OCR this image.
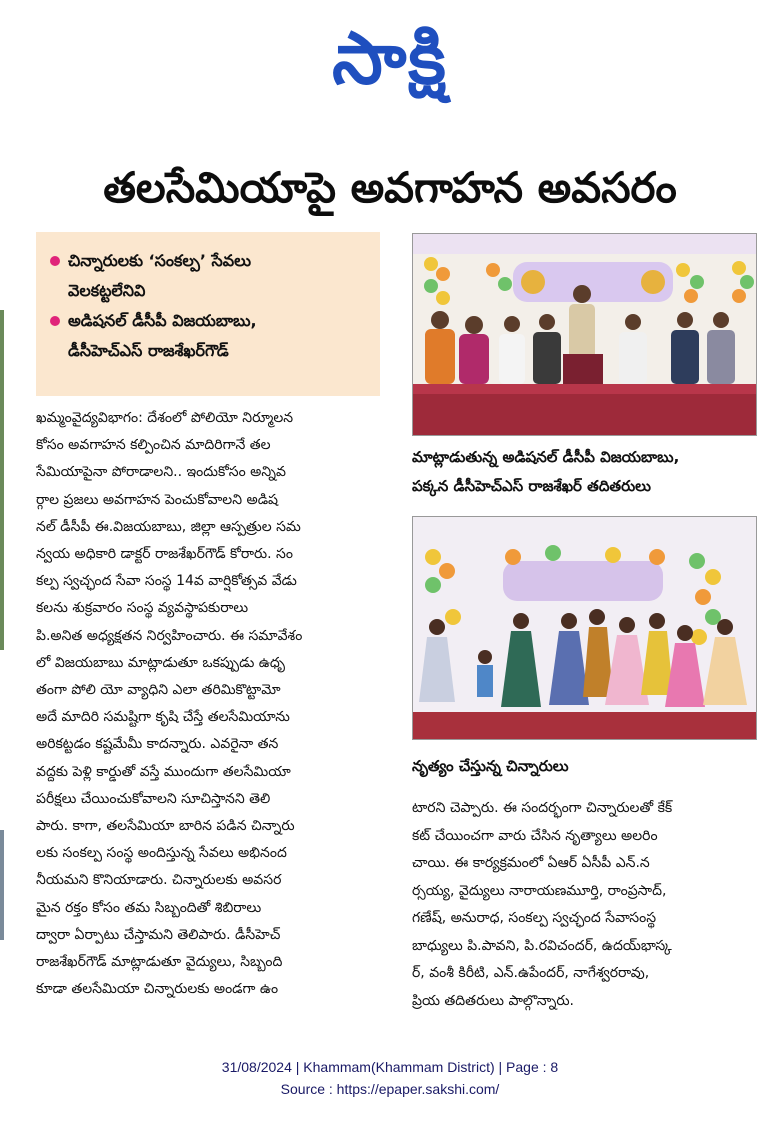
సాక్షి
తలసేమియాపై అవగాహన అవసరం
చిన్నారులకు ‘సంకల్ప’ సేవలు
వెలకట్టలేనివి
అడిషనల్ డీసీపీ విజయబాబు,
డీసీహెచ్‌ఎస్ రాజశేఖర్‌గౌడ్
ఖమ్మంవైద్యవిభాగం: దేశంలో పోలియో నిర్మూలన
కోసం అవగాహన కల్పించిన మాదిరిగానే తల
సేమియాపైనా పోరాడాలని.. ఇందుకోసం అన్నివ
ర్గాల ప్రజలు అవగాహన పెంచుకోవాలని అడిష
నల్ డీసీపీ ఈ.విజయబాబు, జిల్లా ఆస్పత్రుల సమ
న్వయ అధికారి డాక్టర్ రాజశేఖర్‌గౌడ్ కోరారు. సం
కల్ప స్వచ్ఛంద సేవా సంస్థ 14వ వార్షికోత్సవ వేడు
కలను శుక్రవారం సంస్థ వ్యవస్థాపకురాలు
పి.అనిత అధ్యక్షతన నిర్వహించారు. ఈ సమావేశం
లో విజయబాబు మాట్లాడుతూ ఒకప్పుడు ఉధృ
తంగా పోలి యో వ్యాధిని ఎలా తరిమికొట్టామో
అదే మాదిరి సమష్టిగా కృషి చేస్తే తలసేమియాను
అరికట్టడం కష్టమేమీ కాదన్నారు. ఎవరైనా తన
వద్దకు పెళ్లి కార్డుతో వస్తే ముందుగా తలసేమియా
పరీక్షలు చేయించుకోవాలని సూచిస్తానని తెలి
పారు. కాగా, తలసేమియా బారిన పడిన చిన్నారు
లకు సంకల్ప సంస్థ అందిస్తున్న సేవలు అభినంద
నీయమని కొనియాడారు. చిన్నారులకు అవసర
మైన రక్తం కోసం తమ సిబ్బందితో శిబిరాలు
ద్వారా ఏర్పాటు చేస్తామని తెలిపారు. డీసీహెచ్
రాజశేఖర్‌గౌడ్ మాట్లాడుతూ వైద్యులు, సిబ్బంది
కూడా తలసేమియా చిన్నారులకు అండగా ఉం
మాట్లాడుతున్న అడిషనల్ డీసీపీ విజయబాబు,
పక్కన డీసీహెచ్‌ఎస్ రాజశేఖర్ తదితరులు
నృత్యం చేస్తున్న చిన్నారులు
టారని చెప్పారు. ఈ సందర్భంగా చిన్నారులతో కేక్
కట్ చేయించగా వారు చేసిన నృత్యాలు అలరిం
చాయి. ఈ కార్యక్రమంలో ఏఆర్ ఏసీపీ ఎన్.న
ర్సయ్య, వైద్యులు నారాయణమూర్తి, రాంప్రసాద్,
గణేష్, అనురాధ, సంకల్ప స్వచ్ఛంద సేవాసంస్థ
బాధ్యులు పి.పావని, పి.రవిచందర్, ఉదయ్‌భాస్క
ర్, వంశీ కిరీటి, ఎన్.ఉపేందర్, నాగేశ్వరరావు,
ప్రియ తదితరులు పాల్గొన్నారు.
31/08/2024 | Khammam(Khammam District) | Page : 8
Source : https://epaper.sakshi.com/
